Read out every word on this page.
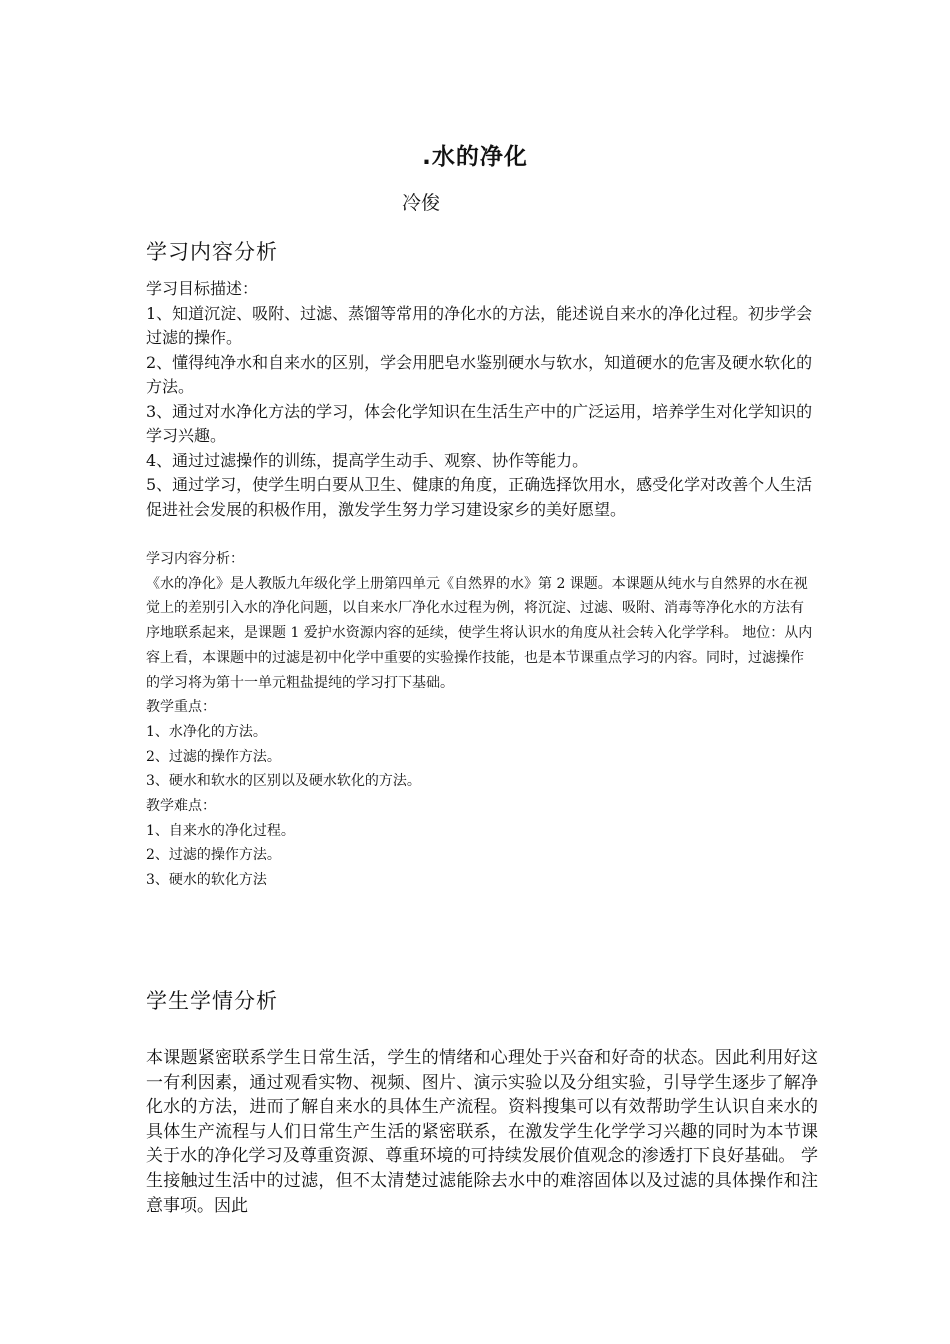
.水的净化
冷俊
学习内容分析

学习目标描述：

1、知道沉淀、吸附、过滤、蒸馏等常用的净化水的方法，能述说自来水的净化过程。初步学会过滤的操作。

2、懂得纯净水和自来水的区别，学会用肥皂水鉴别硬水与软水，知道硬水的危害及硬水软化的方法。

3、通过对水净化方法的学习，体会化学知识在生活生产中的广泛运用，培养学生对化学知识的学习兴趣。

4、通过过滤操作的训练，提高学生动手、观察、协作等能力。

5、通过学习，使学生明白要从卫生、健康的角度，正确选择饮用水，感受化学对改善个人生活促进社会发展的积极作用，激发学生努力学习建设家乡的美好愿望。

学习内容分析：

《水的净化》是人教版九年级化学上册第四单元《自然界的水》第 2 课题。本课题从纯水与自然界的水在视觉上的差别引入水的净化问题，以自来水厂净化水过程为例，将沉淀、过滤、吸附、消毒等净化水的方法有序地联系起来，是课题 1 爱护水资源内容的延续，使学生将认识水的角度从社会转入化学学科。 地位：从内容上看，本课题中的过滤是初中化学中重要的实验操作技能，也是本节课重点学习的内容。同时，过滤操作的学习将为第十一单元粗盐提纯的学习打下基础。

教学重点：

1、水净化的方法。

2、过滤的操作方法。

3、硬水和软水的区别以及硬水软化的方法。

教学难点：

1、自来水的净化过程。

2、过滤的操作方法。

3、硬水的软化方法

学生学情分析

本课题紧密联系学生日常生活，学生的情绪和心理处于兴奋和好奇的状态。因此利用好这一有利因素，通过观看实物、视频、图片、演示实验以及分组实验，引导学生逐步了解净化水的方法，进而了解自来水的具体生产流程。资料搜集可以有效帮助学生认识自来水的具体生产流程与人们日常生产生活的紧密联系，在激发学生化学学习兴趣的同时为本节课关于水的净化学习及尊重资源、尊重环境的可持续发展价值观念的渗透打下良好基础。 学生接触过生活中的过滤，但不太清楚过滤能除去水中的难溶固体以及过滤的具体操作和注意事项。因此
